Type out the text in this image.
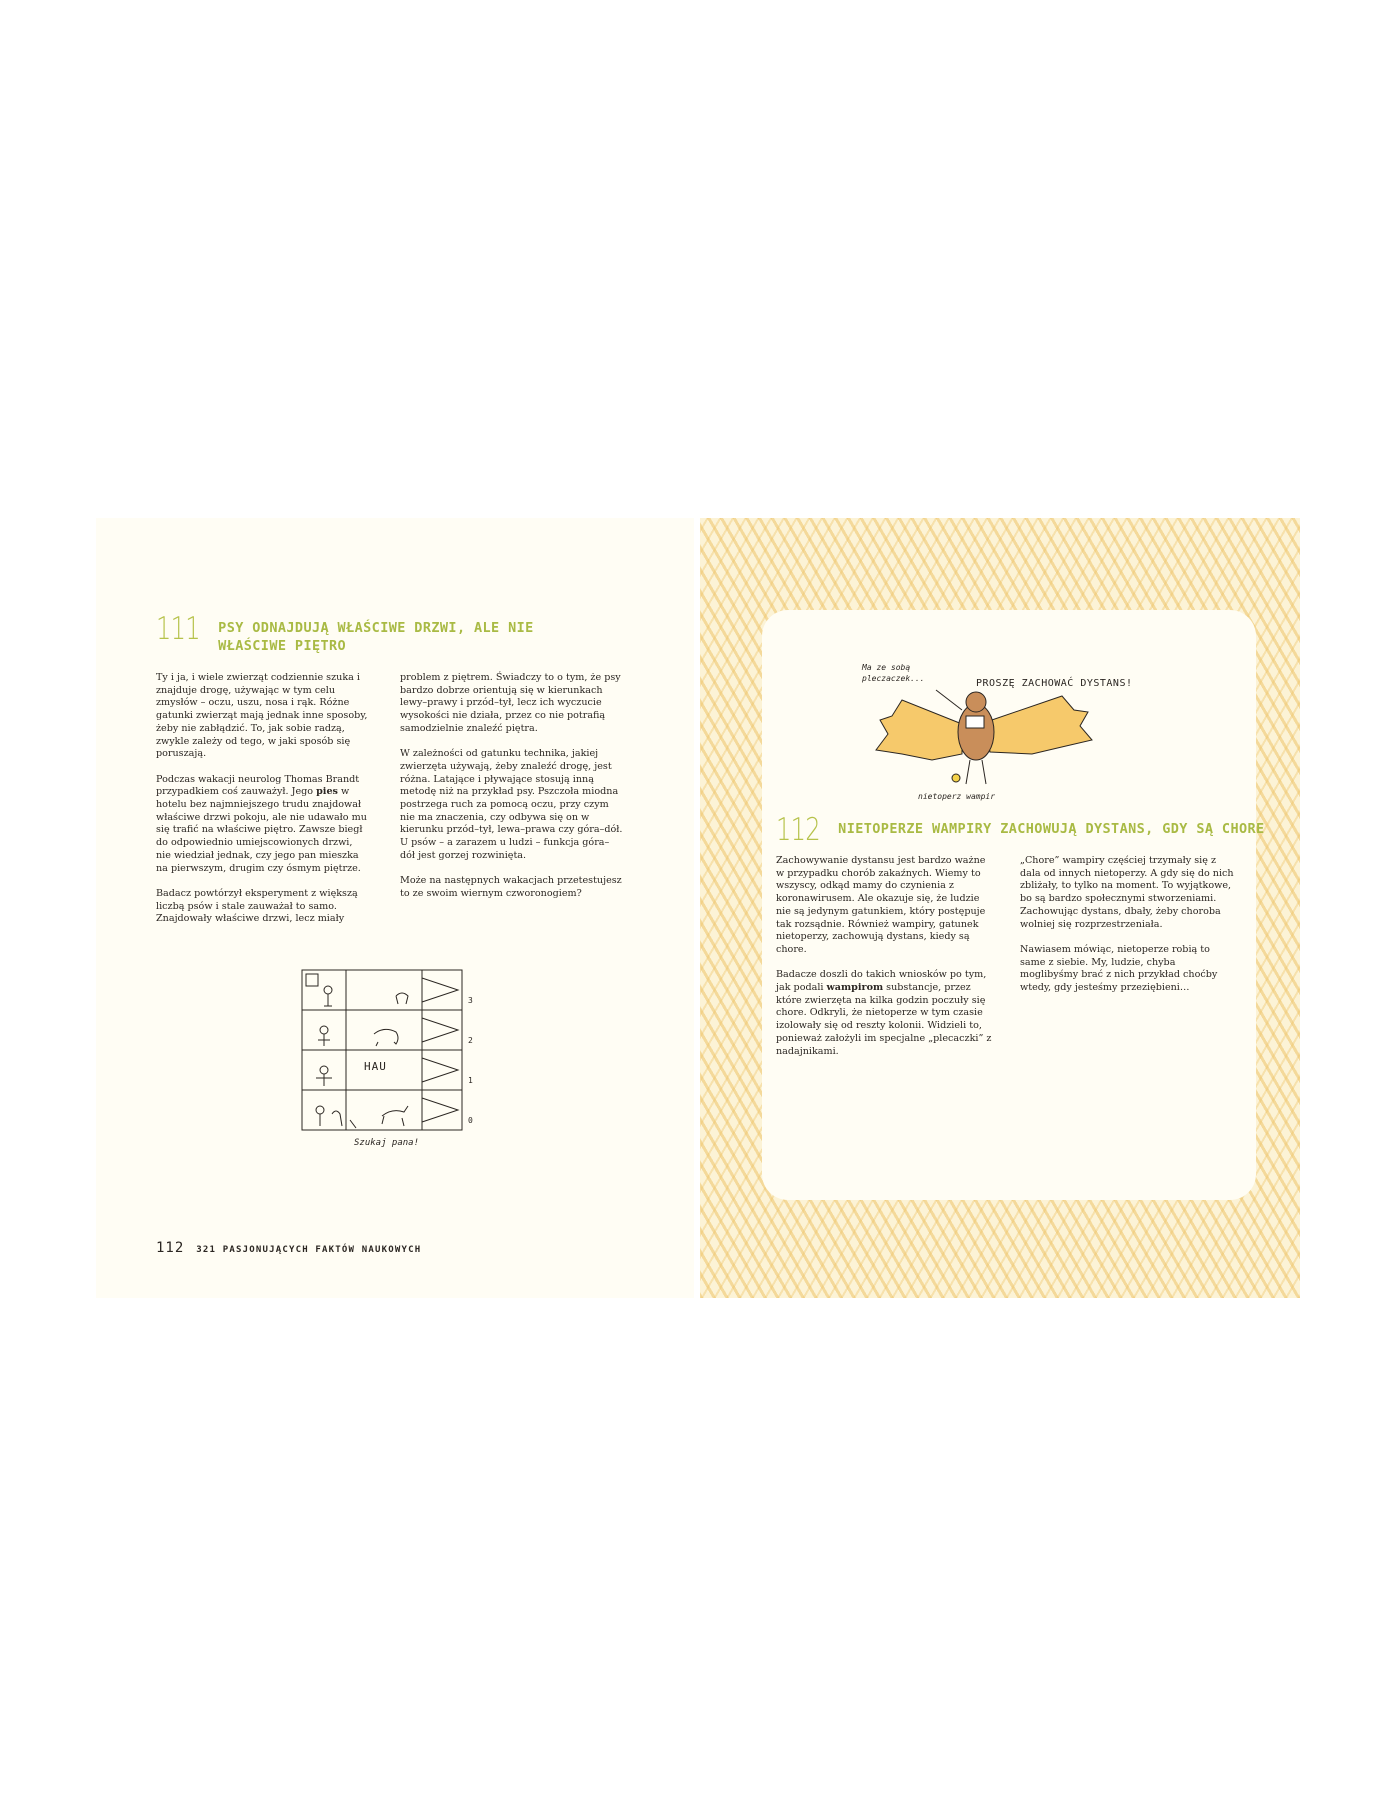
111 PSY ODNAJDUJĄ WŁAŚCIWE DRZWI, ALE NIE WŁAŚCIWE PIĘTRO

Ty i ja, i wiele zwierząt codziennie szuka i znajduje drogę, używając w tym celu zmysłów – oczu, uszu, nosa i rąk. Różne gatunki zwierząt mają jednak inne sposoby, żeby nie zabłądzić. To, jak sobie radzą, zwykle zależy od tego, w jaki sposób się poruszają.

Podczas wakacji neurolog Thomas Brandt przypadkiem coś zauważył. Jego pies w hotelu bez najmniejszego trudu znajdował właściwe drzwi pokoju, ale nie udawało mu się trafić na właściwe piętro. Zawsze biegł do odpowiednio umiejscowionych drzwi, nie wiedział jednak, czy jego pan mieszka na pierwszym, drugim czy ósmym piętrze.

Badacz powtórzył eksperyment z większą liczbą psów i stale zauważał to samo. Znajdowały właściwe drzwi, lecz miały

problem z piętrem. Świadczy to o tym, że psy bardzo dobrze orientują się w kierunkach lewy–prawy i przód–tył, lecz ich wyczucie wysokości nie działa, przez co nie potrafią samodzielnie znaleźć piętra.

W zależności od gatunku technika, jakiej zwierzęta używają, żeby znaleźć drogę, jest różna. Latające i pływające stosują inną metodę niż na przykład psy. Pszczoła miodna postrzega ruch za pomocą oczu, przy czym nie ma znaczenia, czy odbywa się on w kierunku przód–tył, lewa–prawa czy góra–dół. U psów – a zarazem u ludzi – funkcja góra–dół jest gorzej rozwinięta.

Może na następnych wakacjach przetestujesz to ze swoim wiernym czworonogiem?

HAU
3
2
1
0
Szukaj pana!
112 321 PASJONUJĄCYCH FAKTÓW NAUKOWYCH
Ma ze sobą pleczaczek...	PROSZĘ ZACHOWAĆ DYSTANS!
nietoperz wampir
112 NIETOPERZE WAMPIRY ZACHOWUJĄ DYSTANS, GDY SĄ CHORE

Zachowywanie dystansu jest bardzo ważne w przypadku chorób zakaźnych. Wiemy to wszyscy, odkąd mamy do czynienia z koronawirusem. Ale okazuje się, że ludzie nie są jedynym gatunkiem, który postępuje tak rozsądnie. Również wampiry, gatunek nietoperzy, zachowują dystans, kiedy są chore.

Badacze doszli do takich wniosków po tym, jak podali wampirom substancje, przez które zwierzęta na kilka godzin poczuły się chore. Odkryli, że nietoperze w tym czasie izolowały się od reszty kolonii. Widzieli to, ponieważ założyli im specjalne „plecaczki” z nadajnikami.

„Chore” wampiry częściej trzymały się z dala od innych nietoperzy. A gdy się do nich zbliżały, to tylko na moment. To wyjątkowe, bo są bardzo społecznymi stworzeniami. Zachowując dystans, dbały, żeby choroba wolniej się rozprzestrzeniała.

Nawiasem mówiąc, nietoperze robią to same z siebie. My, ludzie, chyba moglibyśmy brać z nich przykład choćby wtedy, gdy jesteśmy przeziębieni…
